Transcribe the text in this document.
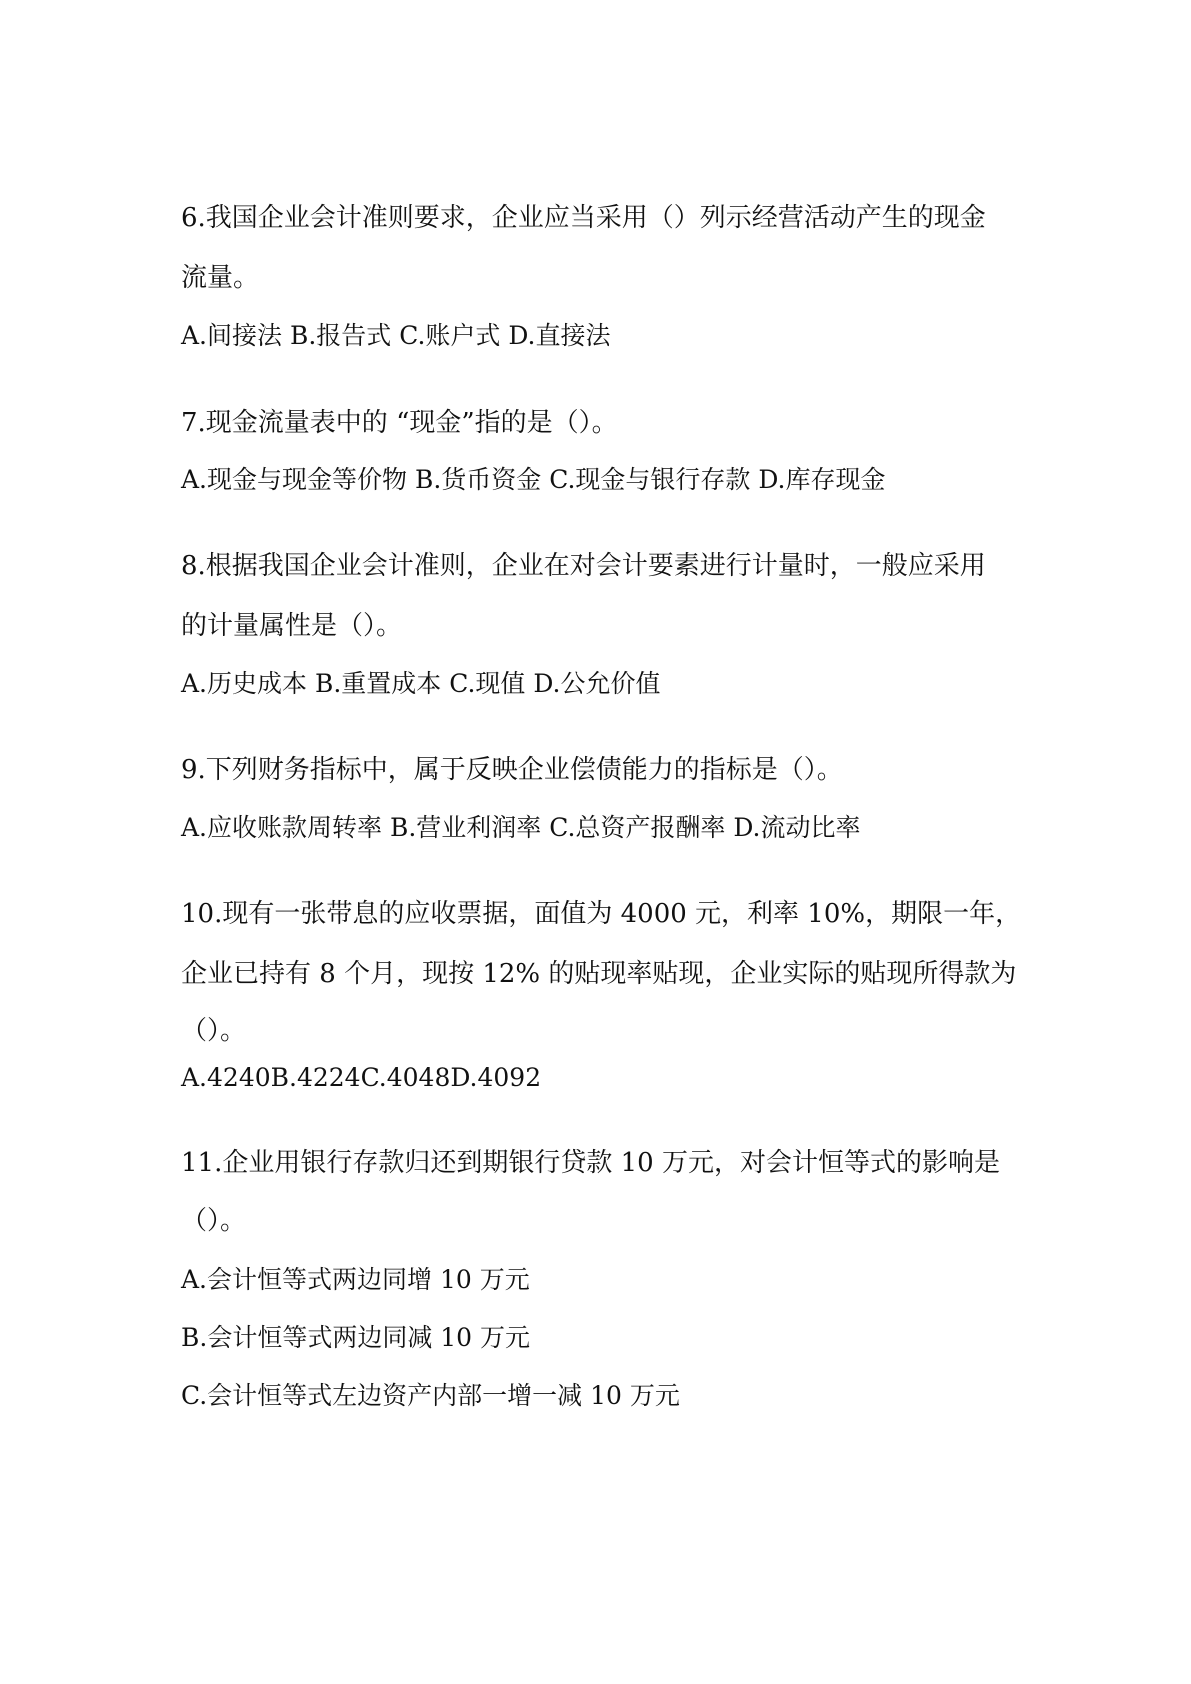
6.我国企业会计准则要求，企业应当采用（）列示经营活动产生的现金
流量。
A.间接法 B.报告式 C.账户式 D.直接法
7.现金流量表中的 “现金”指的是（）。
A.现金与现金等价物 B.货币资金 C.现金与银行存款 D.库存现金
8.根据我国企业会计准则，企业在对会计要素进行计量时，一般应采用
的计量属性是（）。
A.历史成本 B.重置成本 C.现值 D.公允价值
9.下列财务指标中，属于反映企业偿债能力的指标是（）。
A.应收账款周转率 B.营业利润率 C.总资产报酬率 D.流动比率
10.现有一张带息的应收票据，面值为 4000 元，利率 10%，期限一年，
企业已持有 8 个月，现按 12% 的贴现率贴现，企业实际的贴现所得款为
（）。
A.4240B.4224C.4048D.4092
11.企业用银行存款归还到期银行贷款 10 万元，对会计恒等式的影响是
（）。
A.会计恒等式两边同增 10 万元
B.会计恒等式两边同减 10 万元
C.会计恒等式左边资产内部一增一减 10 万元
